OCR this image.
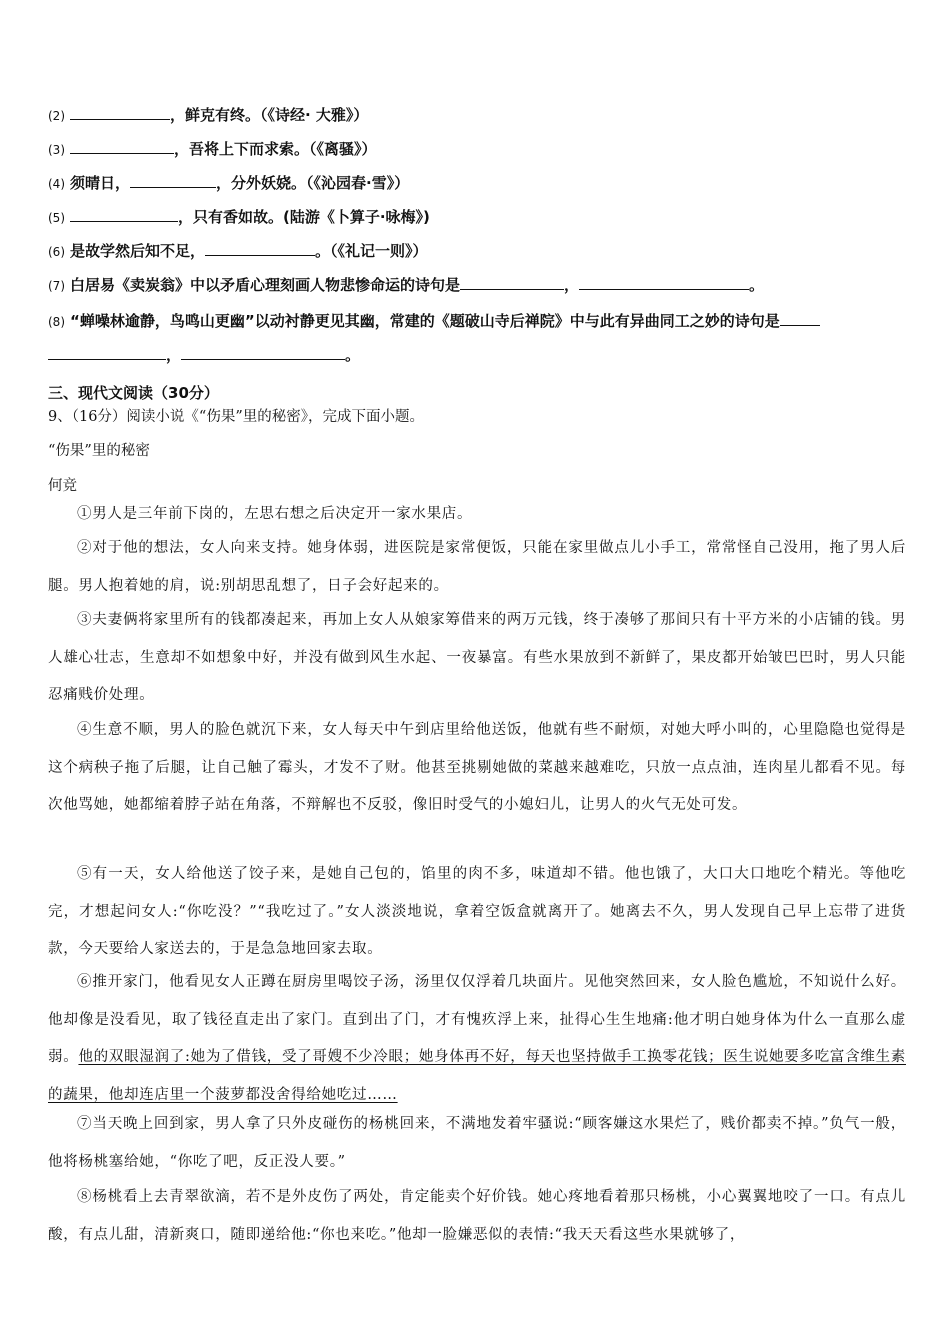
(2)	，鲜克有终。（《诗经· 大雅》）
(3)	，吾将上下而求索。（《离骚》）
(4) 须晴日，	，分外妖娆。（《沁园春·雪》）
(5)	，只有香如故。(陆游《卜算子·咏梅》)
(6) 是故学然后知不足，	。（《礼记一则》）
(7) 白居易《卖炭翁》中以矛盾心理刻画人物悲惨命运的诗句是	，	。
(8) “蝉噪林逾静，鸟鸣山更幽”以动衬静更见其幽，常建的《题破山寺后禅院》中与此有异曲同工之妙的诗句是
，	。
三、现代文阅读（30分）
9、（16分）阅读小说《“伤果”里的秘密》，完成下面小题。
“伤果”里的秘密
何竞
①男人是三年前下岗的，左思右想之后决定开一家水果店。
②对于他的想法，女人向来支持。她身体弱，进医院是家常便饭，只能在家里做点儿小手工，常常怪自己没用，拖了男人后腿。男人抱着她的肩，说:别胡思乱想了，日子会好起来的。
③夫妻俩将家里所有的钱都凑起来，再加上女人从娘家筹借来的两万元钱，终于凑够了那间只有十平方米的小店铺的钱。男人雄心壮志，生意却不如想象中好，并没有做到风生水起、一夜暴富。有些水果放到不新鲜了，果皮都开始皱巴巴时，男人只能忍痛贱价处理。
④生意不顺，男人的脸色就沉下来，女人每天中午到店里给他送饭，他就有些不耐烦，对她大呼小叫的，心里隐隐也觉得是这个病秧子拖了后腿，让自己触了霉头，才发不了财。他甚至挑剔她做的菜越来越难吃，只放一点点油，连肉星儿都看不见。每次他骂她，她都缩着脖子站在角落，不辩解也不反驳，像旧时受气的小媳妇儿，让男人的火气无处可发。
⑤有一天，女人给他送了饺子来，是她自己包的，馅里的肉不多，味道却不错。他也饿了，大口大口地吃个精光。等他吃完，才想起问女人:“你吃没？”“我吃过了。”女人淡淡地说，拿着空饭盒就离开了。她离去不久，男人发现自己早上忘带了进货款，今天要给人家送去的，于是急急地回家去取。
⑥推开家门，他看见女人正蹲在厨房里喝饺子汤，汤里仅仅浮着几块面片。见他突然回来，女人脸色尴尬，不知说什么好。他却像是没看见，取了钱径直走出了家门。直到出了门，才有愧疚浮上来，扯得心生生地痛:他才明白她身体为什么一直那么虚弱。他的双眼湿润了:她为了借钱，受了哥嫂不少冷眼；她身体再不好，每天也坚持做手工换零花钱；医生说她要多吃富含维生素的蔬果，他却连店里一个菠萝都没舍得给她吃过……
⑦当天晚上回到家，男人拿了只外皮碰伤的杨桃回来，不满地发着牢骚说:“顾客嫌这水果烂了，贱价都卖不掉。”负气一般，他将杨桃塞给她，“你吃了吧，反正没人要。”
⑧杨桃看上去青翠欲滴，若不是外皮伤了两处，肯定能卖个好价钱。她心疼地看着那只杨桃，小心翼翼地咬了一口。有点儿酸，有点儿甜，清新爽口，随即递给他:“你也来吃。”他却一脸嫌恶似的表情:“我天天看这些水果就够了，
